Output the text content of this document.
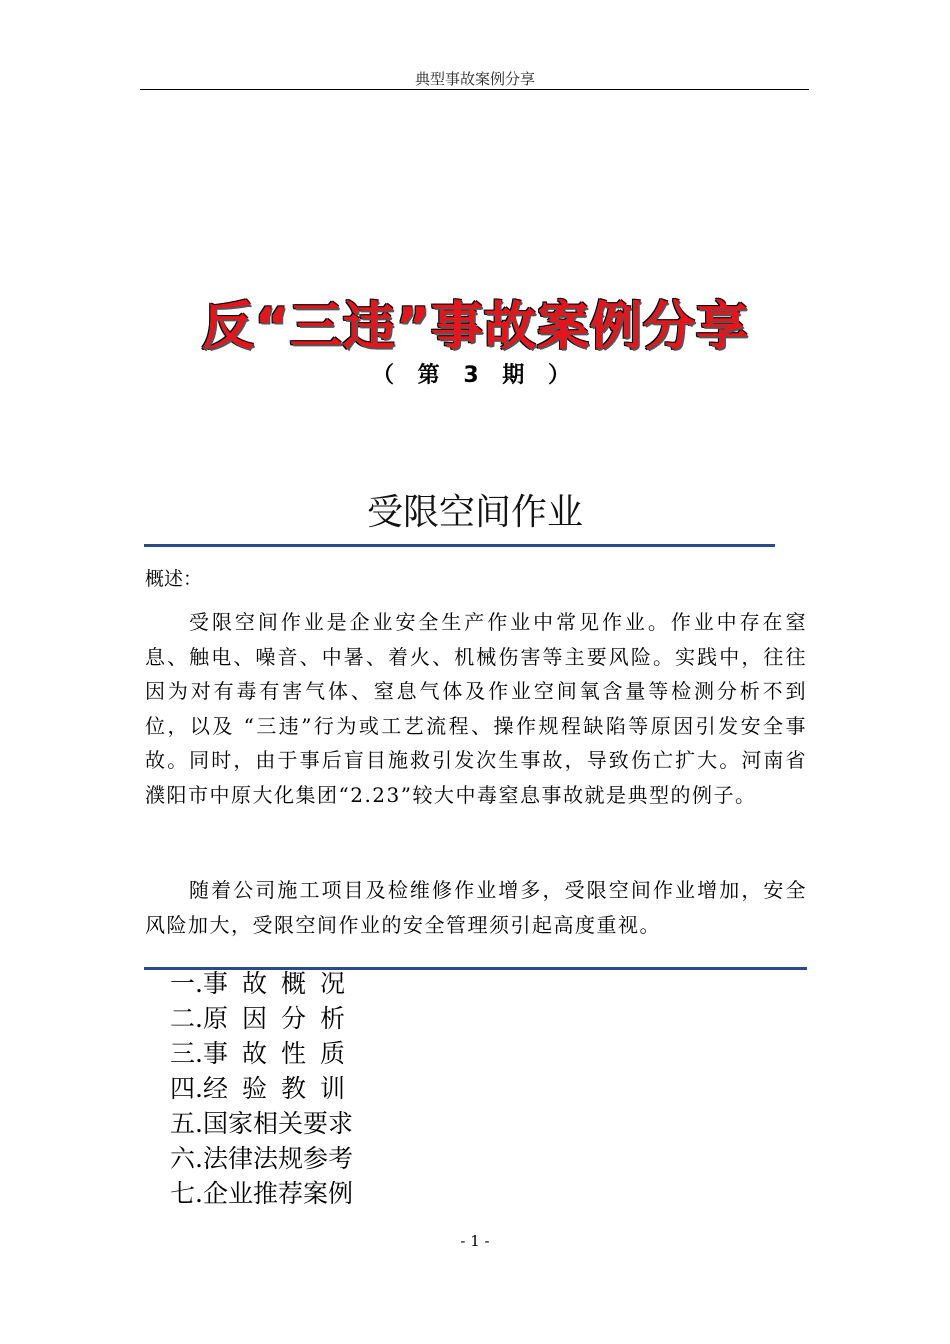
典型事故案例分享
反“三违”事故案例分享
（ 第 3 期 ）
受限空间作业
概述：
受限空间作业是企业安全生产作业中常见作业。作业中存在窒息、触电、噪音、中暑、着火、机械伤害等主要风险。实践中，往往因为对有毒有害气体、窒息气体及作业空间氧含量等检测分析不到位，以及 “三违”行为或工艺流程、操作规程缺陷等原因引发安全事故。同时，由于事后盲目施救引发次生事故，导致伤亡扩大。河南省濮阳市中原大化集团“2.23”较大中毒窒息事故就是典型的例子。
随着公司施工项目及检维修作业增多，受限空间作业增加，安全风险加大，受限空间作业的安全管理须引起高度重视。
一.事故概况
二.原因分析
三.事故性质
四.经验教训
五.国家相关要求
六.法律法规参考
七.企业推荐案例
- 1 -
